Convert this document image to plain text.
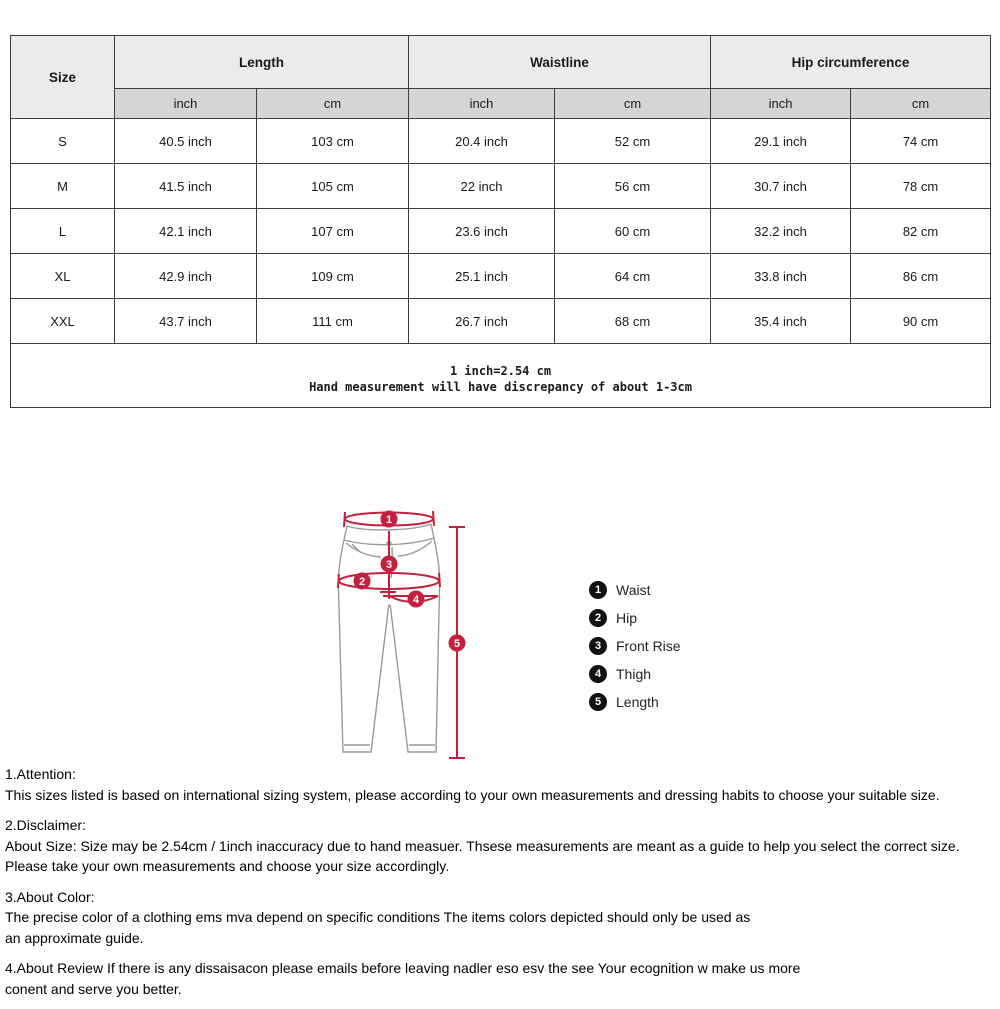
Size	Length		Waistline		Hip circumference	
	inch	cm	inch	cm	inch	cm
S	40.5 inch	103 cm	20.4 inch	52 cm	29.1 inch	74 cm
M	41.5 inch	105 cm	22 inch	56 cm	30.7 inch	78 cm
L	42.1 inch	107 cm	23.6 inch	60 cm	32.2 inch	82 cm
XL	42.9 inch	109 cm	25.1 inch	64 cm	33.8 inch	86 cm
XXL	43.7 inch	111 cm	26.7 inch	68 cm	35.4 inch	90 cm

1 inch=2.54 cm
Hand measurement will have discrepancy of about 1-3cm						
1
2
3
4
5
1	Waist
2	Hip
3	Front Rise
4	Thigh
5	Length
1.Attention:
This sizes listed is based on international sizing system, please according to your own measurements and dressing habits to choose your suitable size.
2.Disclaimer:
About Size: Size may be 2.54cm / 1inch inaccuracy due to hand measuer. Thsese measurements are meant as a guide to help you select the correct size.
Please take your own measurements and choose your size accordingly.
3.About Color:
The precise color of a clothing ems mva depend on specific conditions The items colors depicted should only be used as
an approximate guide.
4.About Review If there is any dissaisacon please emails before leaving nadler eso esv the see Your ecognition w make us more
conent and serve you better.
